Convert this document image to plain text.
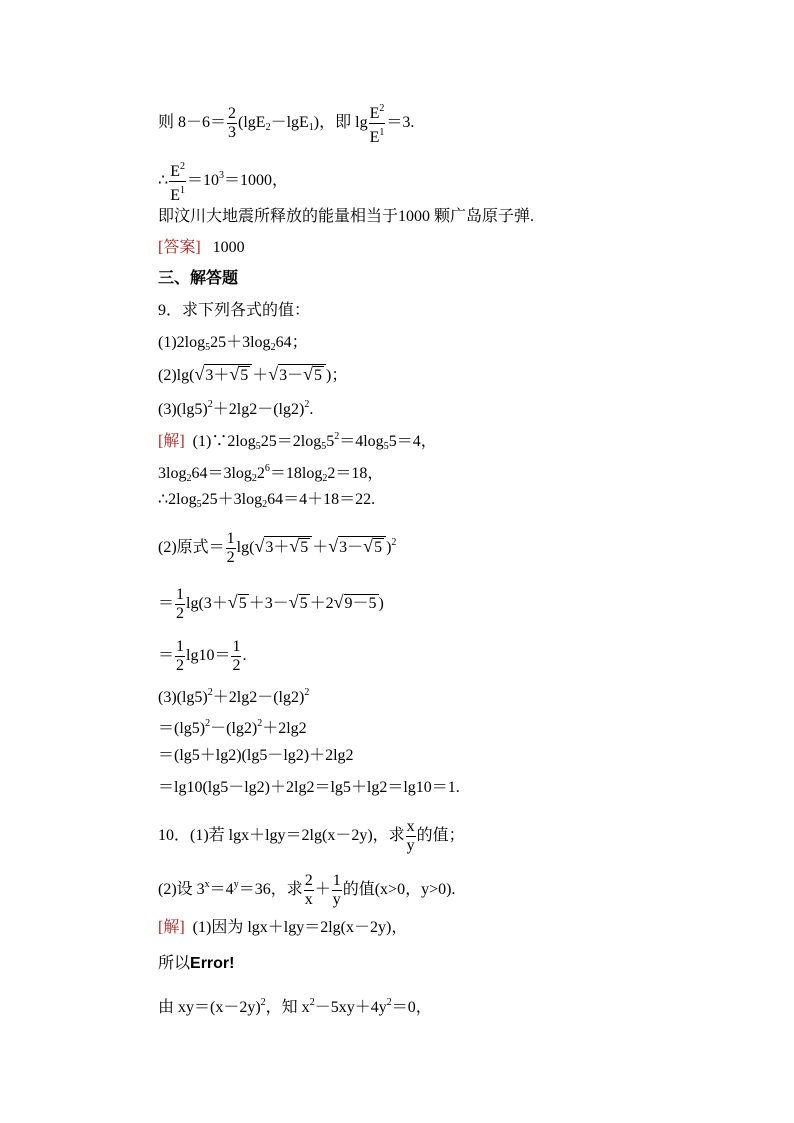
则 $8-6= \frac{2}{3} (\lg E_2-\lg E_1)$，即 $\lg \frac{E^2}{E^1} =3$.
∴ $\frac{E^2}{E^1} =10^3=1000$，
即汶川大地震所释放的能量相当于1000 颗广岛原子弹.
[答案] 1000
三、解答题
9．求下列各式的值：
$(1)2\log_525+3\log_264$；
(2)lg(√3＋√5 ＋√3－√5 )；
$(3)(\lg 5)^2+2\lg 2-(\lg 2)^2$.
[解] $(1)\because 2\log_525=2\log_55^2=4\log_55=4$，
$3\log_264=3\log_22^6=18\log_22=18$，
$\therefore 2\log_525+3\log_264=4+18=22$.
(2)原式＝ $\frac{1}{2} \lg(√3+√5 +√3-√5$ )$^2$
＝ $\frac{1}{2} \lg(3+√5 +3-√5 +2√9-5$ )
＝ $\frac{1}{2} \lg 10= \frac{1}{2}$ .
$(3)(\lg 5)^2+2\lg 2-(\lg 2)^2$
$=(\lg 5)^2-(\lg 2)^2+2\lg 2$
＝(lg5＋lg2)(lg5－lg2)＋2lg2
＝lg10(lg5－lg2)＋2lg2＝lg5＋lg2＝lg10＝1.
10．(1)若 lgx＋lgy＝2lg(x－2y)，求 $\frac{x}{y}$ 的值；
(2)设 $3^x=4^y=36$，求 $\frac{2}{x} + \frac{1}{y}$ 的值(x>0，y>0).
[解] (1)因为 lgx＋lgy＝2lg(x－2y)，
所以Error!
由 $xy=(x-2y)^2$，知 $x^2-5xy+4y^2=0$，
